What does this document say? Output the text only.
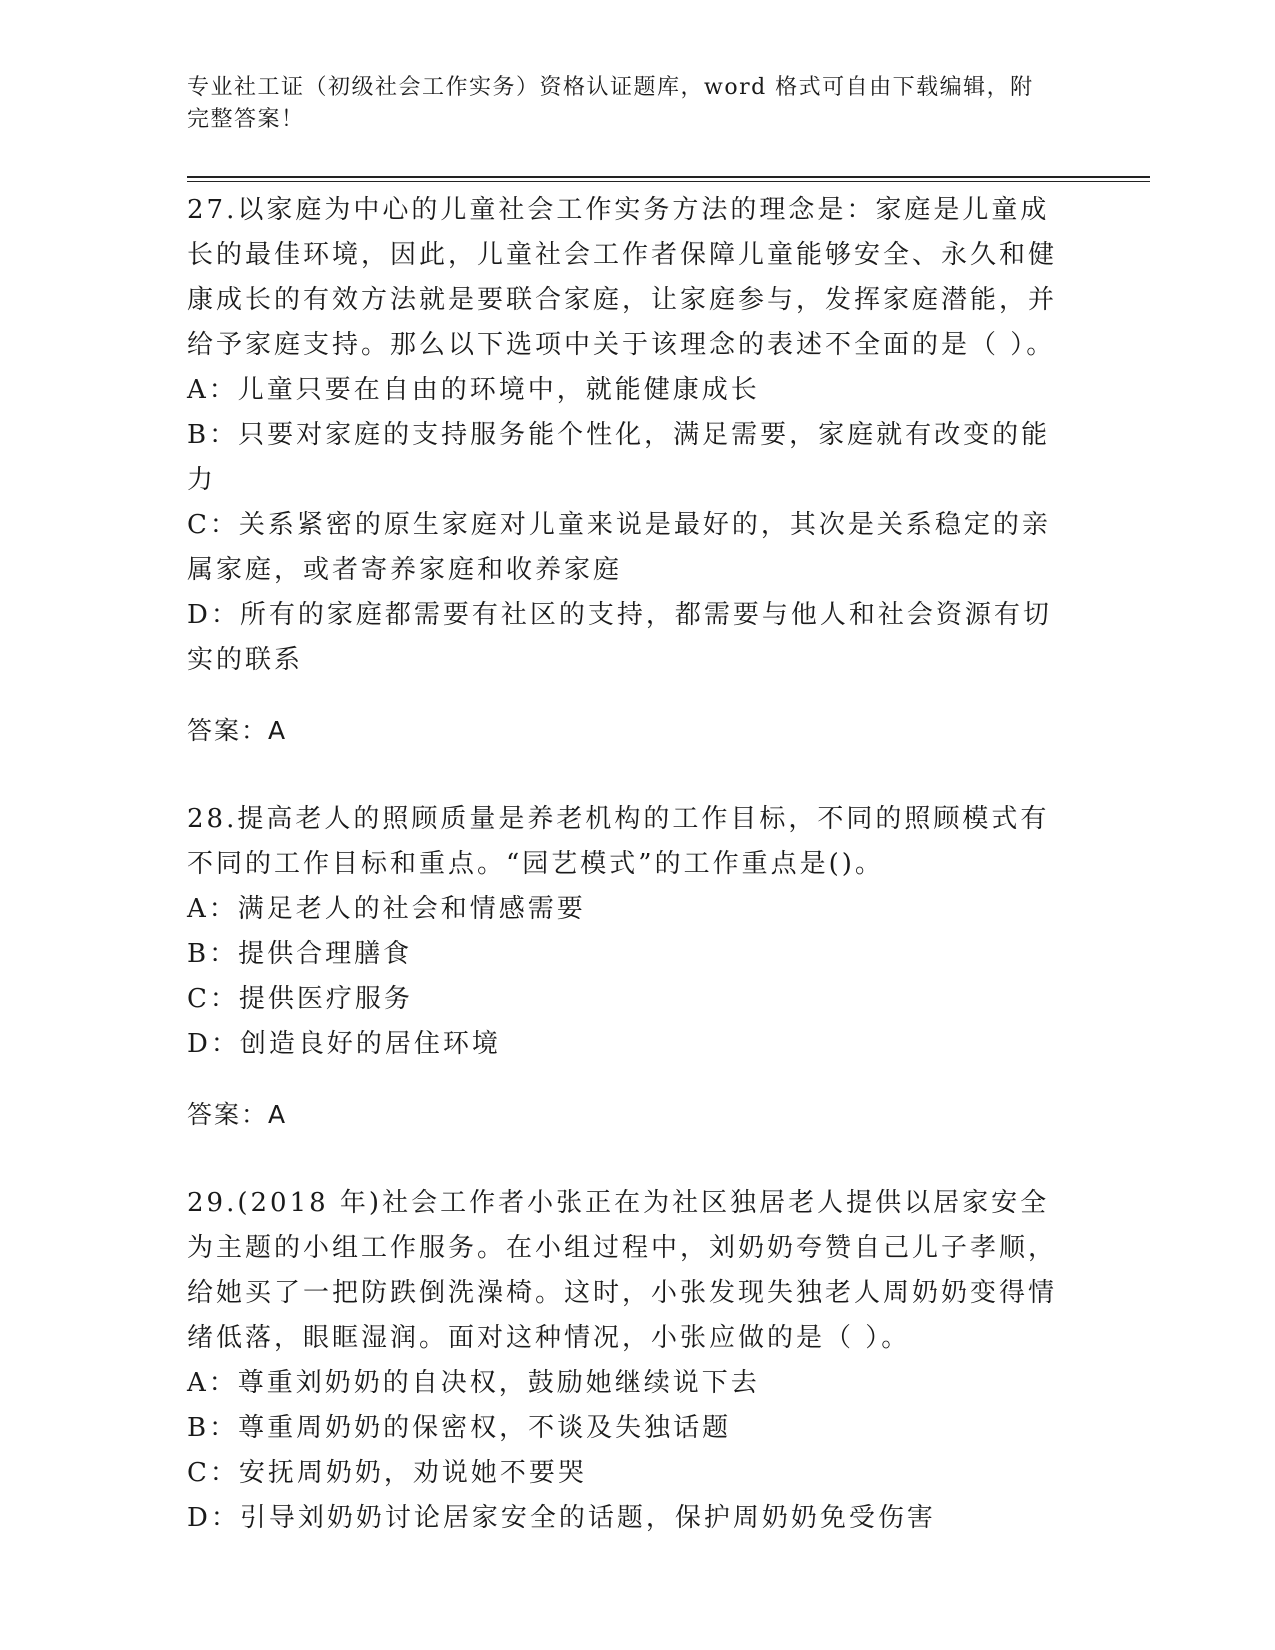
专业社工证（初级社会工作实务）资格认证题库，word 格式可自由下载编辑，附完整答案！

27.以家庭为中心的儿童社会工作实务方法的理念是：家庭是儿童成长的最佳环境，因此，儿童社会工作者保障儿童能够安全、永久和健康成长的有效方法就是要联合家庭，让家庭参与，发挥家庭潜能，并给予家庭支持。那么以下选项中关于该理念的表述不全面的是（ ）。

A：儿童只要在自由的环境中，就能健康成长

B：只要对家庭的支持服务能个性化，满足需要，家庭就有改变的能力

C：关系紧密的原生家庭对儿童来说是最好的，其次是关系稳定的亲属家庭，或者寄养家庭和收养家庭

D：所有的家庭都需要有社区的支持，都需要与他人和社会资源有切实的联系

答案：A

28.提高老人的照顾质量是养老机构的工作目标，不同的照顾模式有不同的工作目标和重点。“园艺模式”的工作重点是()。

A：满足老人的社会和情感需要

B：提供合理膳食

C：提供医疗服务

D：创造良好的居住环境

答案：A

29.(2018 年)社会工作者小张正在为社区独居老人提供以居家安全为主题的小组工作服务。在小组过程中，刘奶奶夸赞自己儿子孝顺，给她买了一把防跌倒洗澡椅。这时，小张发现失独老人周奶奶变得情绪低落，眼眶湿润。面对这种情况，小张应做的是（ ）。

A：尊重刘奶奶的自决权，鼓励她继续说下去

B：尊重周奶奶的保密权，不谈及失独话题

C：安抚周奶奶，劝说她不要哭

D：引导刘奶奶讨论居家安全的话题，保护周奶奶免受伤害
